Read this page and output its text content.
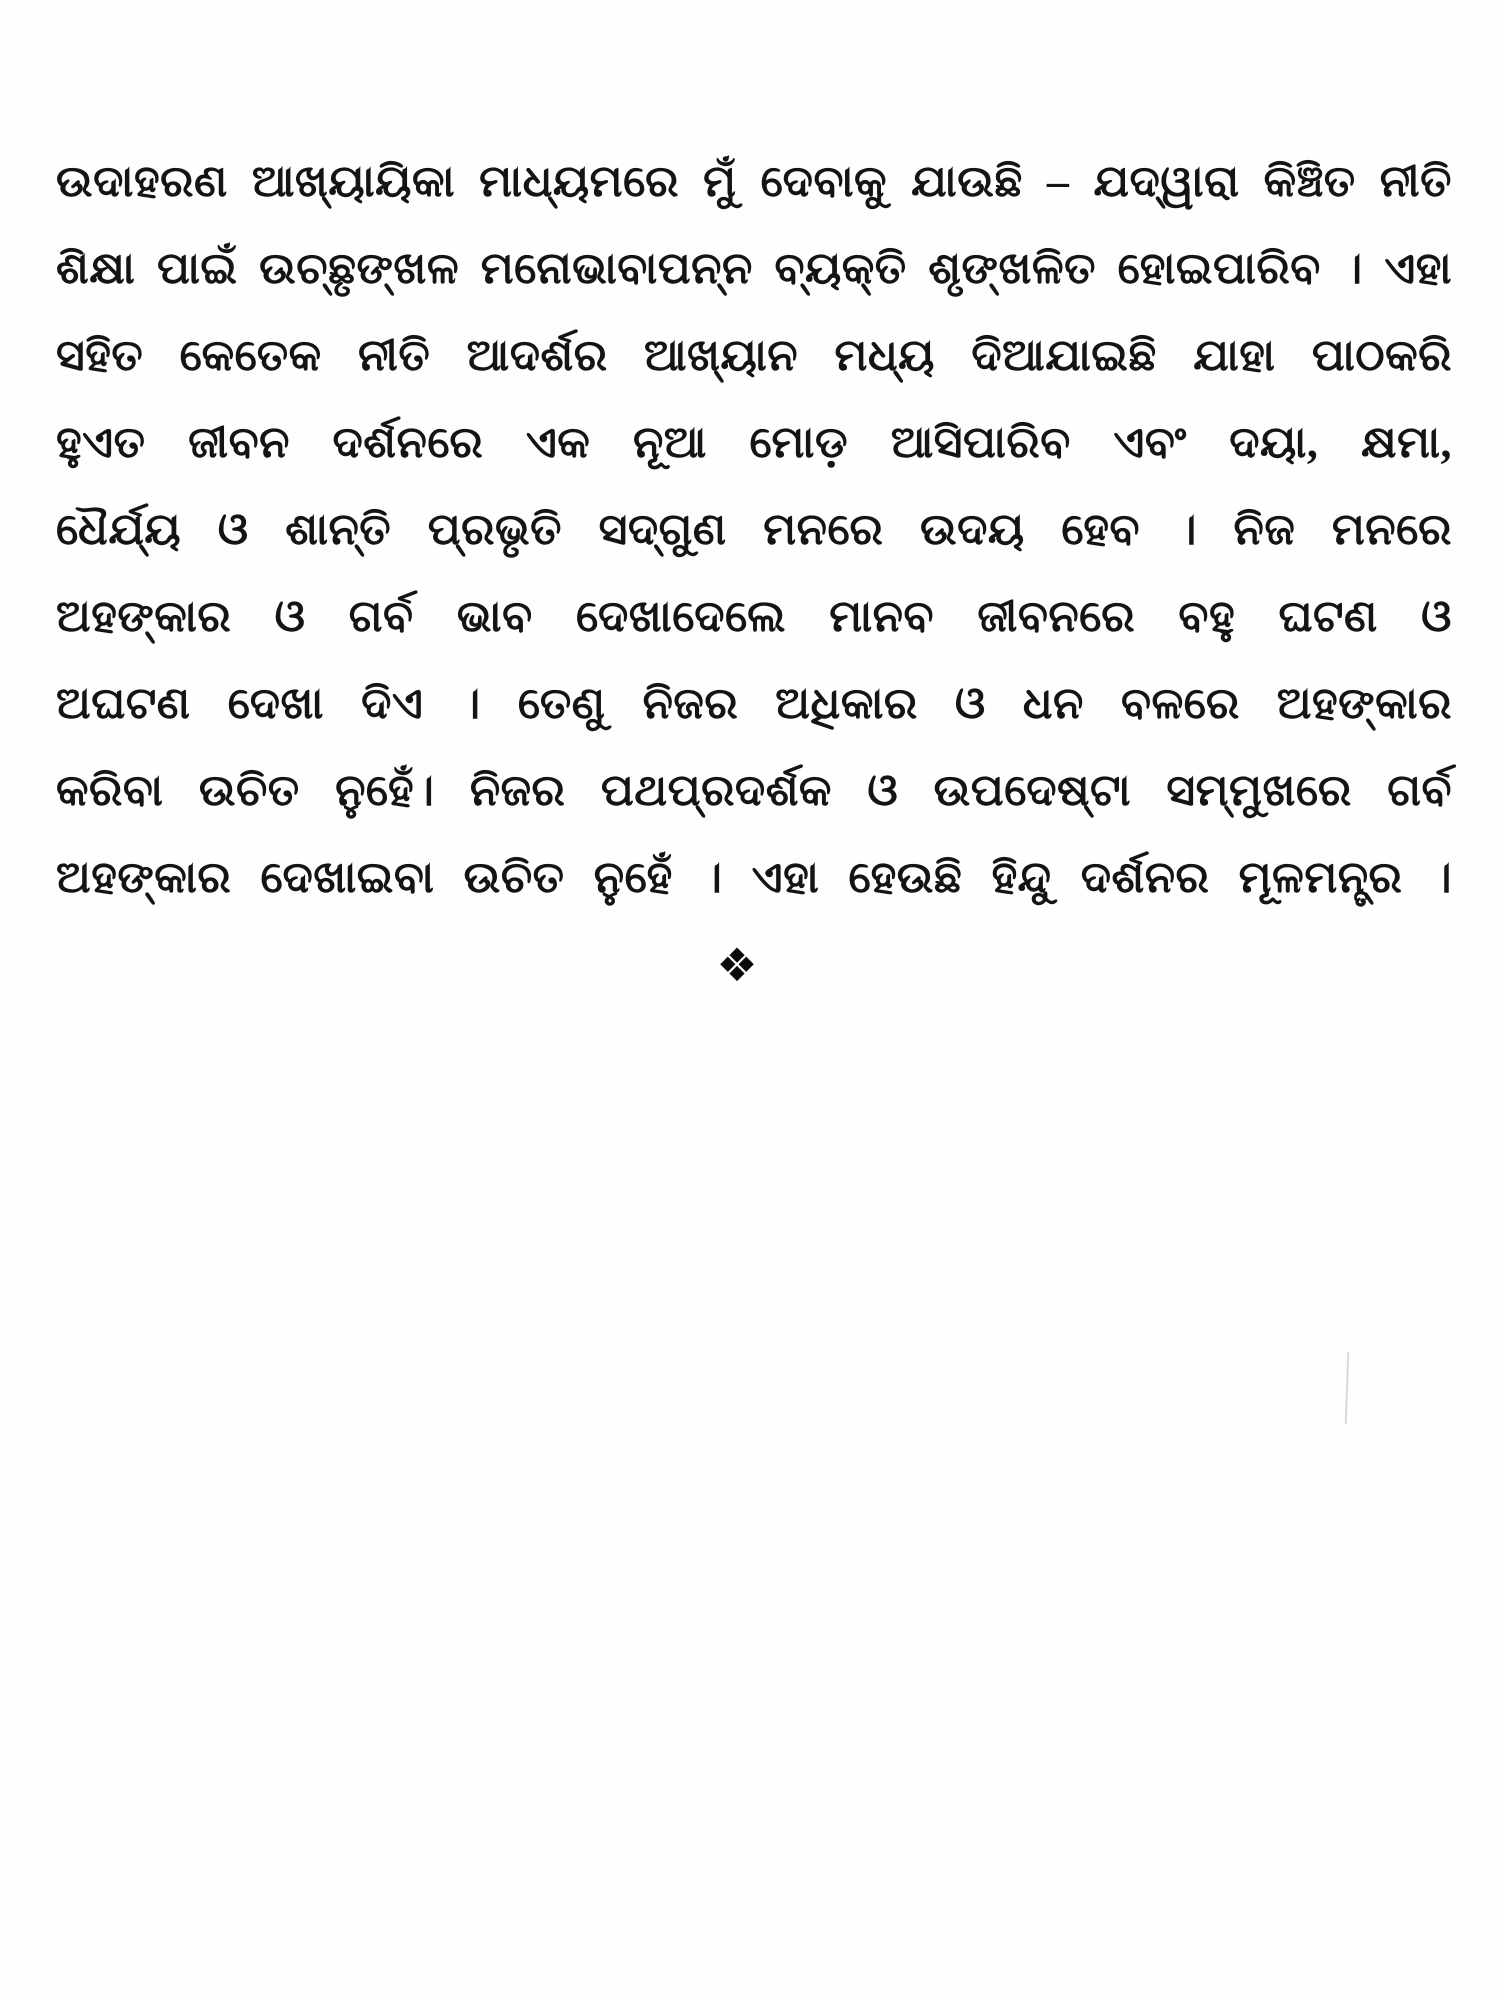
ଉଦାହରଣ ଆଖ୍ୟାୟିକା ମାଧ୍ୟମରେ ମୁଁ ଦେବାକୁ ଯାଉଛି – ଯଦ୍ୱାରା କିଞ୍ଚିତ ନୀତି
ଶିକ୍ଷା ପାଇଁ ଉଚ୍ଛୃଙ୍ଖଳ ମନୋଭାବାପନ୍ନ ବ୍ୟକ୍ତି ଶୃଙ୍ଖଳିତ ହୋଇପାରିବ । ଏହା
ସହିତ କେତେକ ନୀତି ଆଦର୍ଶର ଆଖ୍ୟାନ ମଧ୍ୟ ଦିଆଯାଇଛି ଯାହା ପାଠକରି
ହୁଏତ ଜୀବନ ଦର୍ଶନରେ ଏକ ନୂଆ ମୋଡ଼ ଆସିପାରିବ ଏବଂ ଦୟା, କ୍ଷମା,
ଧୈର୍ଯ୍ୟ ଓ ଶାନ୍ତି ପ୍ରଭୃତି ସଦ୍‌ଗୁଣ ମନରେ ଉଦୟ ହେବ । ନିଜ ମନରେ
ଅହଙ୍କାର ଓ ଗର୍ବ ଭାବ ଦେଖାଦେଲେ ମାନବ ଜୀବନରେ ବହୁ ଘଟଣ ଓ
ଅଘଟଣ ଦେଖା ଦିଏ । ତେଣୁ ନିଜର ଅଧିକାର ଓ ଧନ ବଳରେ ଅହଙ୍କାର
କରିବା ଉଚିତ ନୁହେଁ। ନିଜର ପଥପ୍ରଦର୍ଶକ ଓ ଉପଦେଷ୍ଟା ସମ୍ମୁଖରେ ଗର୍ବ
ଅହଙ୍କାର ଦେଖାଇବା ଉଚିତ ନୁହେଁ । ଏହା ହେଉଛି ହିନ୍ଦୁ ଦର୍ଶନର ମୂଳମନ୍ତ୍ର ।
❖
